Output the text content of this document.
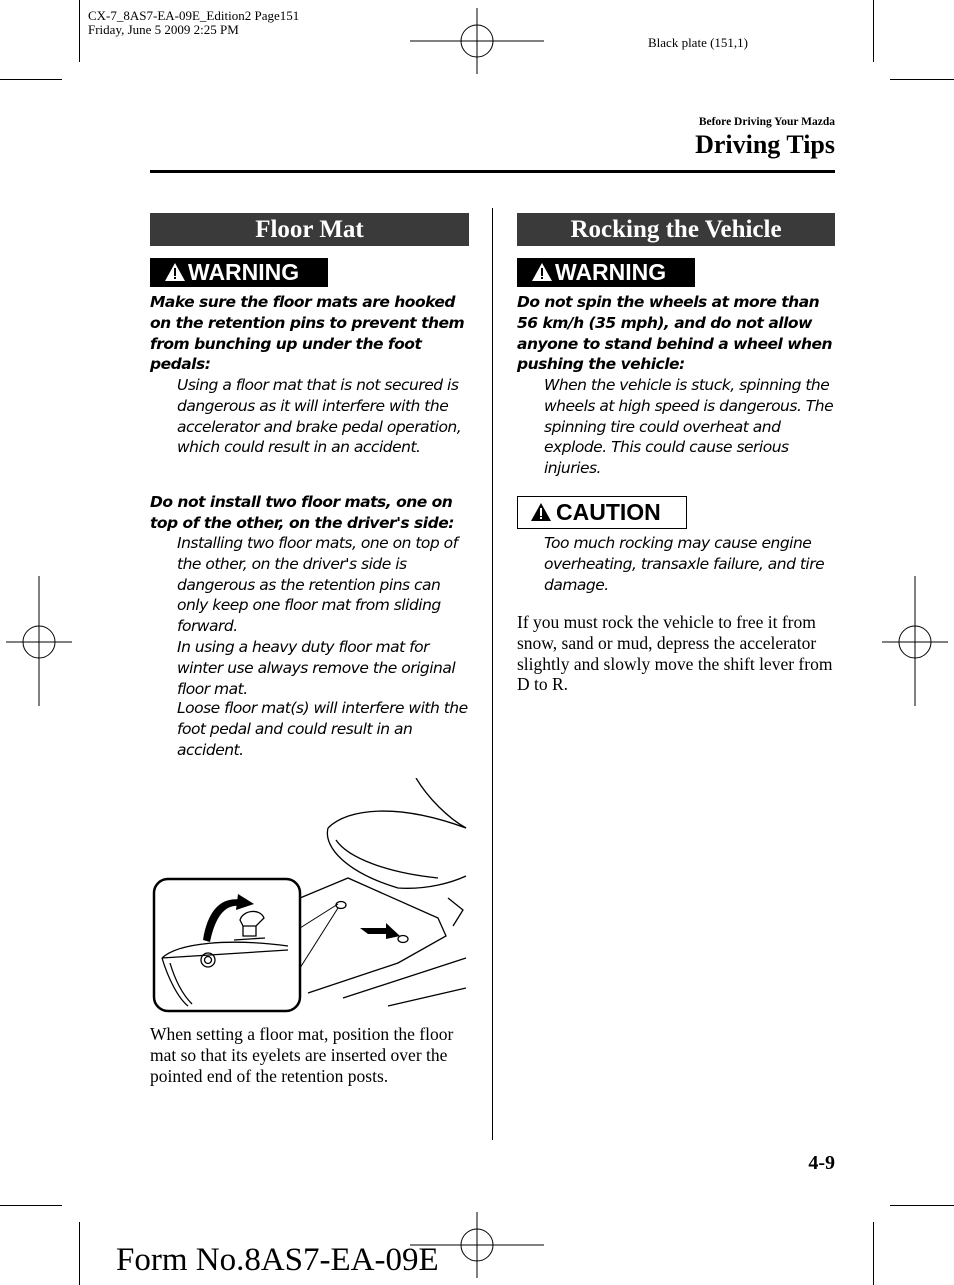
CX-7_8AS7-EA-09E_Edition2 Page151
Friday, June 5 2009 2:25 PM
Black plate (151,1)
Before Driving Your Mazda
Driving Tips
Floor Mat
WARNING
Make sure the floor mats are hooked on the retention pins to prevent them from bunching up under the foot pedals:
Using a floor mat that is not secured is dangerous as it will interfere with the accelerator and brake pedal operation, which could result in an accident.
Do not install two floor mats, one on top of the other, on the driver's side:
Installing two floor mats, one on top of the other, on the driver's side is dangerous as the retention pins can only keep one floor mat from sliding forward.
In using a heavy duty floor mat for winter use always remove the original floor mat.
Loose floor mat(s) will interfere with the foot pedal and could result in an accident.
When setting a floor mat, position the floor mat so that its eyelets are inserted over the pointed end of the retention posts.
Rocking the Vehicle
WARNING
Do not spin the wheels at more than 56 km/h (35 mph), and do not allow anyone to stand behind a wheel when pushing the vehicle:
When the vehicle is stuck, spinning the wheels at high speed is dangerous. The spinning tire could overheat and explode. This could cause serious injuries.
CAUTION
Too much rocking may cause engine overheating, transaxle failure, and tire damage.
If you must rock the vehicle to free it from snow, sand or mud, depress the accelerator slightly and slowly move the shift lever from D to R.
4-9
Form No.8AS7-EA-09E
